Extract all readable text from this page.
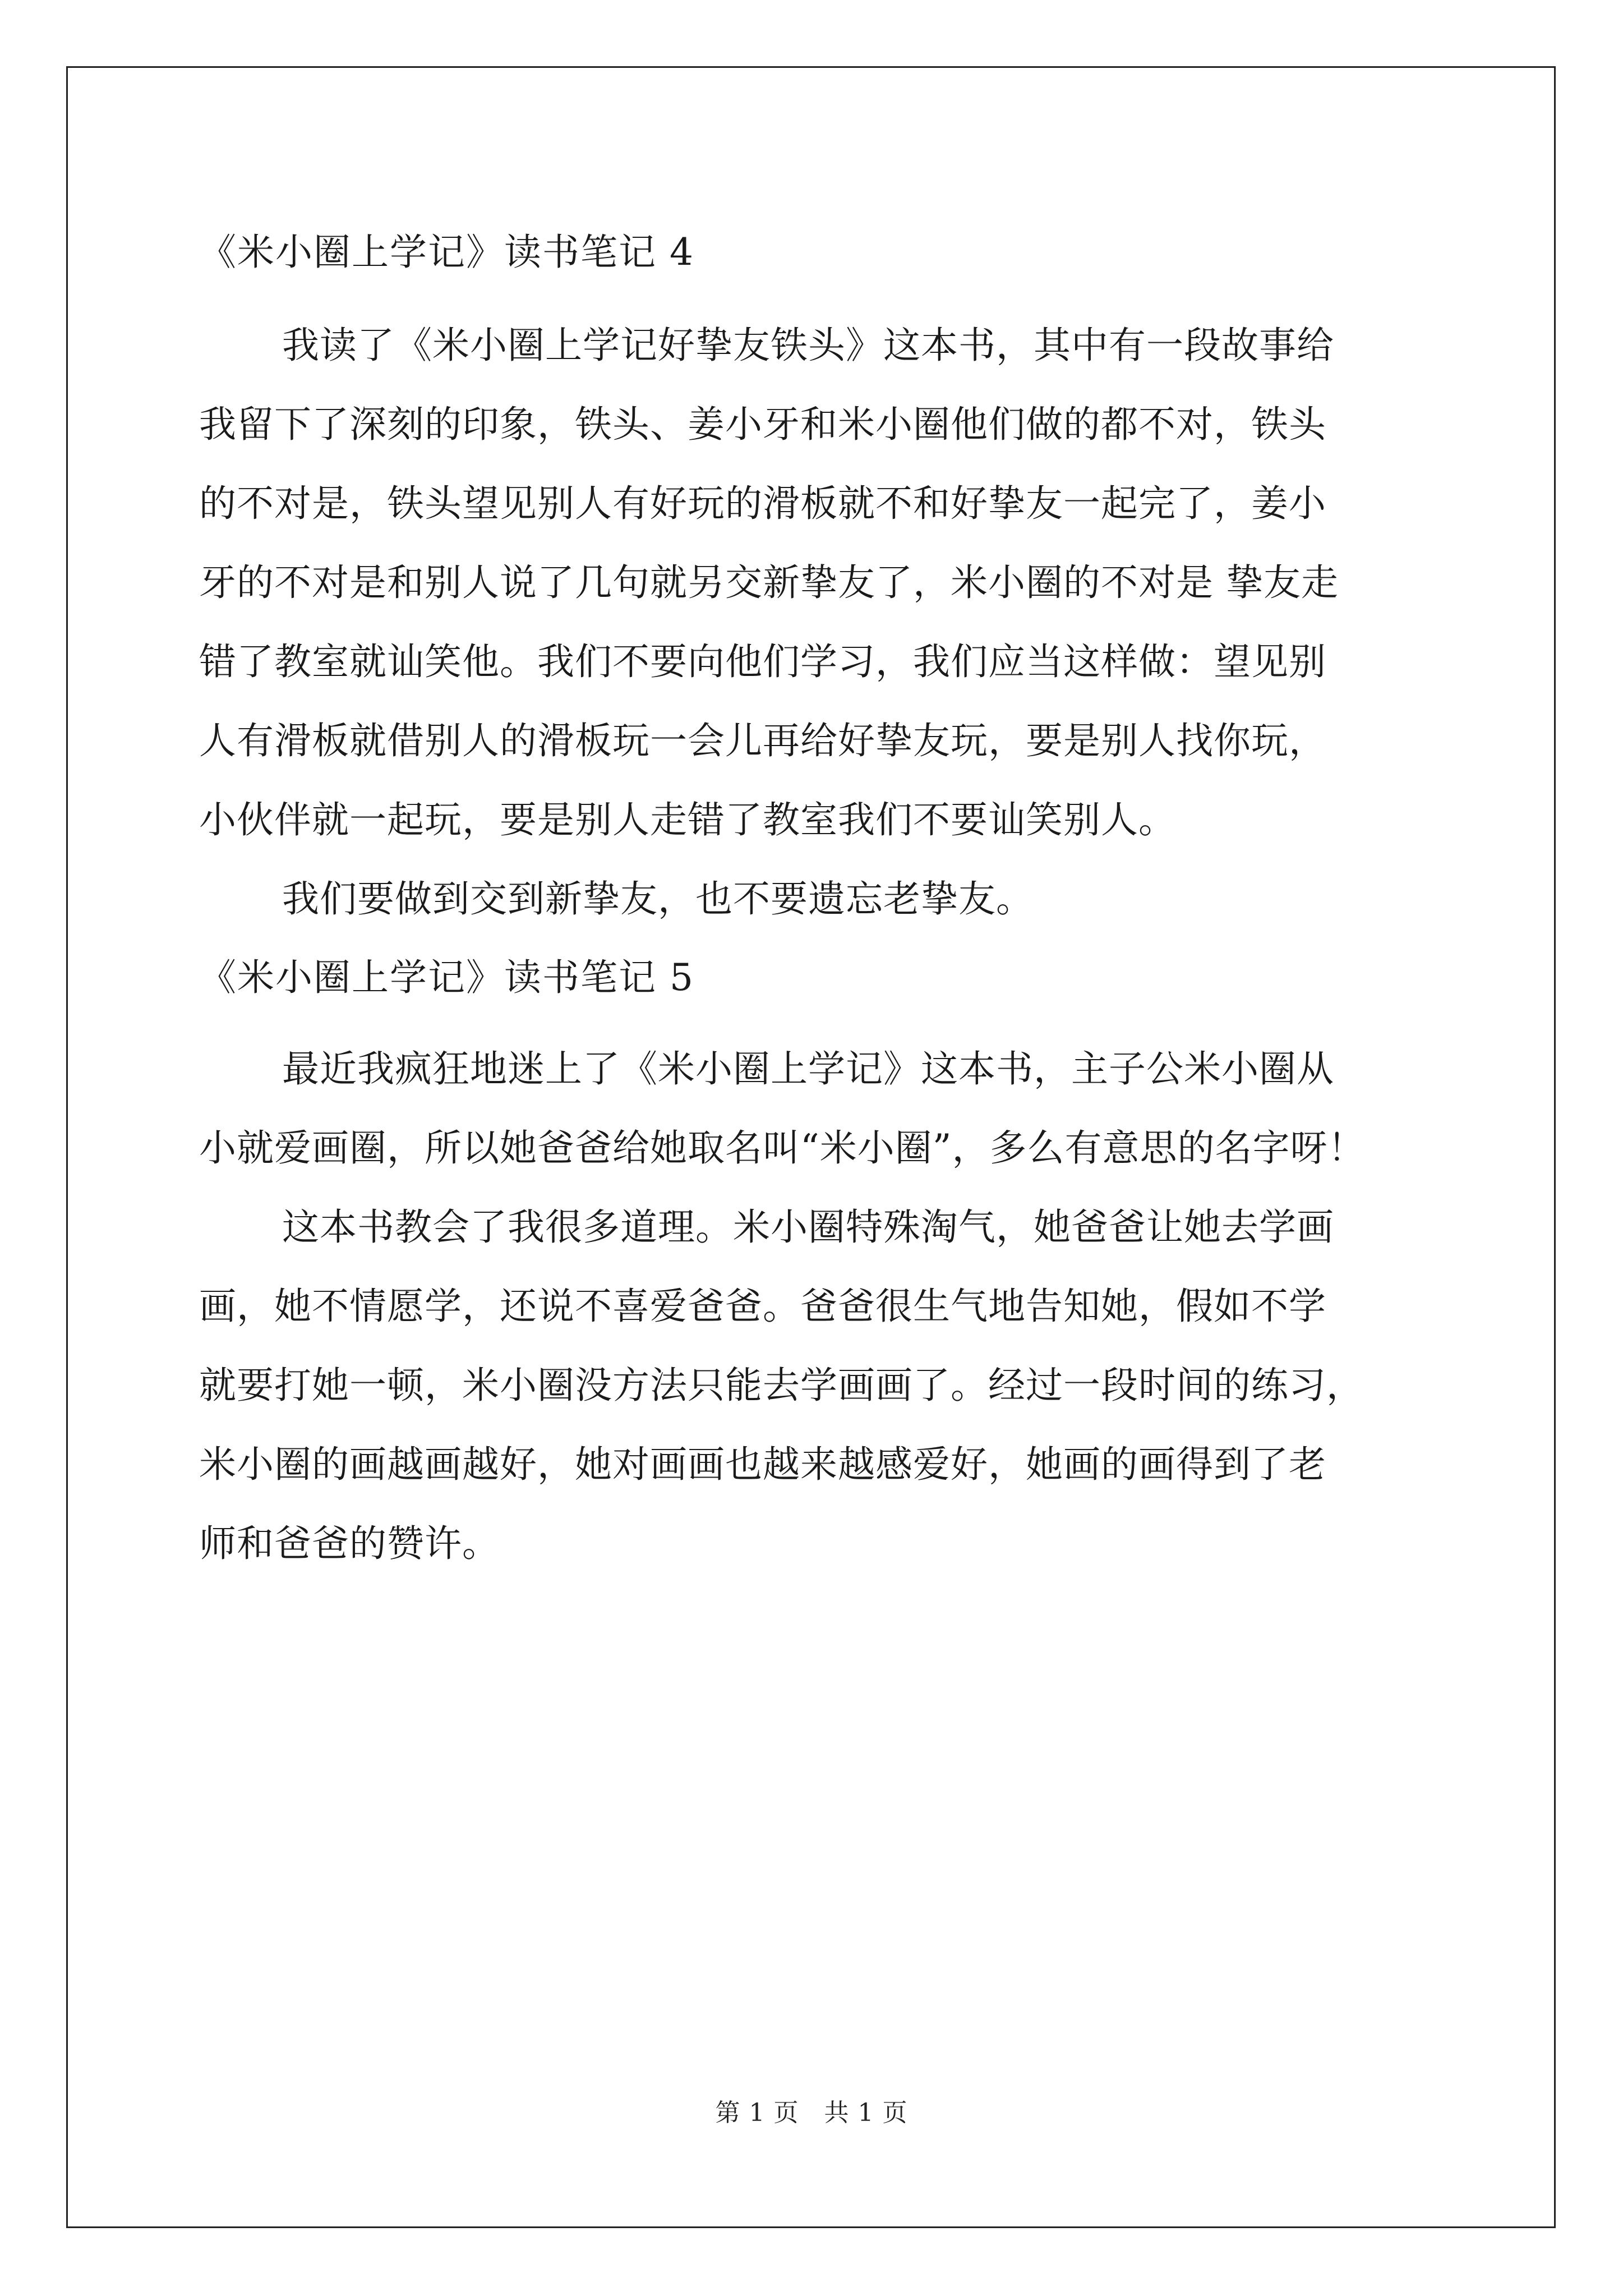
《米小圈上学记》读书笔记 4

我读了《米小圈上学记好挚友铁头》这本书，其中有一段故事给
我留下了深刻的印象，铁头、姜小牙和米小圈他们做的都不对，铁头
的不对是，铁头望见别人有好玩的滑板就不和好挚友一起完了，姜小
牙的不对是和别人说了几句就另交新挚友了，米小圈的不对是 挚友走
错了教室就讪笑他。我们不要向他们学习，我们应当这样做：望见别
人有滑板就借别人的滑板玩一会儿再给好挚友玩，要是别人找你玩，
小伙伴就一起玩，要是别人走错了教室我们不要讪笑别人。

我们要做到交到新挚友，也不要遗忘老挚友。

《米小圈上学记》读书笔记 5

最近我疯狂地迷上了《米小圈上学记》这本书，主子公米小圈从
小就爱画圈，所以她爸爸给她取名叫“米小圈”，多么有意思的名字呀！

这本书教会了我很多道理。米小圈特殊淘气，她爸爸让她去学画
画，她不情愿学，还说不喜爱爸爸。爸爸很生气地告知她，假如不学
就要打她一顿，米小圈没方法只能去学画画了。经过一段时间的练习，
米小圈的画越画越好，她对画画也越来越感爱好，她画的画得到了老
师和爸爸的赞许。

第 1 页   共 1 页
